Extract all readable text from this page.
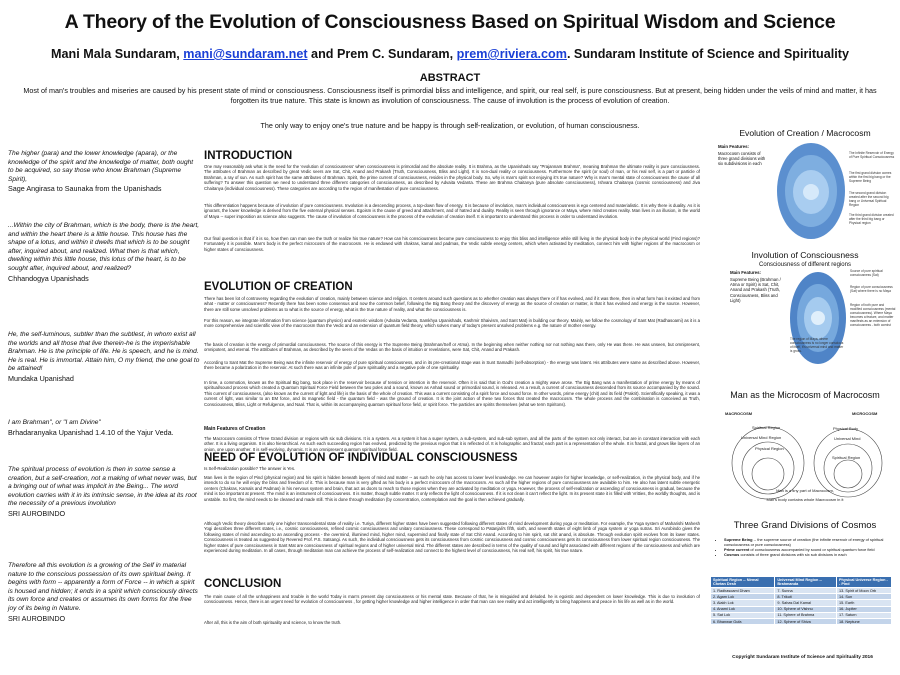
A Theory of the Evolution of Consciousness Based on Spiritual Wisdom and Science
Mani Mala Sundaram, mani@sundaram.net and Prem C. Sundaram, prem@riviera.com. Sundaram Institute of Science and Spirituality
ABSTRACT
Most of man's troubles and miseries are caused by his present state of mind or consciousness. Consciousness itself is primordial bliss and intelligence, and spirit, our real self, is pure consciousness. But at present, being hidden under the veils of mind and matter, it has forgotten its true nature. This state is known as involution of consciousness. The cause of involution is the process of evolution of creation.
The only way to enjoy one's true nature and be happy is through self-realization, or evolution, of human consciousness.
The higher (para) and the lower knowledge (apara), or the knowledge of the spirit and the knowledge of matter, both ought to be acquired, so say those who know Brahman (Supreme Spirit),
Sage Angirasa to Saunaka from the Upanishads
...Within the city of Brahman, which is the body, there is the heart, and within the heart there is a little house. This house has the shape of a lotus, and within it dwells that which is to be sought after, inquired about, and realized. What then is that which, dwelling within this little house, this lotus of the heart, is to be sought after, inquired about, and realized?
Chhandogya Upanishads
He, the self-luminous, subtler than the subtlest, in whom exist all the worlds and all those that live therein-he is the imperishable Brahman. He is the principle of life. He is speech, and he is mind. He is real. He is immortal. Attain him, O my friend, the one goal to be attained!
Mundaka Upanishad
I am Brahman", or "I am Divine"
Brhadaranyaka Upanishad 1.4.10 of the Yajur Veda.
The spiritual process of evolution is then in some sense a creation, but a self-creation, not a making of what never was, but a bringing out of what was implicit in the Being... The word evolution carries with it in its intrinsic sense, in the idea at its root the necessity of a previous involution
SRI AUROBINDO
Therefore all this evolution is a growing of the Self in material nature to the conscious possession of its own spiritual being. It begins with form -- apparently a form of Force -- in which a spirit is housed and hidden; it ends in a spirit which consciously directs its own force and creates or assumes its own forms for the free joy of its being in Nature.
SRI AUROBINDO
INTRODUCTION
One may reasonably ask what is the need for the 'evolution of consciousness' when consciousness is primordial and the absolute reality. It is Brahma, as the Upanishads say "Prajannam Brahma", meaning Brahman the ultimate reality is pure consciousness. The attributes of Brahman as described by great Vedic seers are Sat, Chit, Anand and Prakash (Truth, Consciousness, Bliss and Light). It is non-dual reality or consciousness. Furthermore the spirit (or soul) of man, or his real self, is a part or particle of Brahman, a ray of sun. As such spirit has the same attributes of Brahman. Spirit, the prime current of consciousness, resides in the physical body. So, why is man's spirit not enjoying it's true nature? Why is man's mental state of consciousness the cause of all suffering? To answer this question we need to understand three different categories of consciousness, as described by Advaita Vedanta. These are Brahma Chaitanya (pure absolute consciousness), Ishvara Chaitanya (cosmic consciousness) and Jiva Chaitanya (individual consciousness). These categories are according to the region of manifestation of pure consciousness.
This differentiation happens because of involution of pure consciousness. Involution is a descending process, a top-down flow of energy. It is because of involution, man's individual consciousness is ego centered and materialistic. It is why there is duality. As it is ignorant, the lower knowledge is derived from the five external physical senses. Egoism is the cause of greed and attachment, and of hatred and duality. Reality is seen through ignorance or Maya, where mind creates reality. Man lives in an illusion, in the world of Maya -- super imposition as science also suggests. The cause of involution of consciousness is the process of the evolution of creation itself. It is important to understand this process in order to understand involution.
Our final question is that if it is so, how then can man see the truth or realize his true nature? How can his consciousness become pure consciousness to enjoy this bliss and intelligence while still living in the physical body in the physical world (Find regions)? Fortunately it is possible. Man's body is the perfect microcosm of the macrocosm. He is endowed with chakras, kamal and padmas, the Vedic subtle energy centers, which when activated by meditation, connect him with higher regions of the macrocosm or higher states of consciousness.
EVOLUTION OF CREATION
There has been lot of controversy regarding the evolution of creation, mainly between science and religion. It centers around such questions as to whether creation was always there or if has evolved, and if it was there, then in what form has it existed and from what - matter or consciousness? Recently there has been some consensus and now the common belief, following the Big Bang theory and the discovery of energy as the source of creation or matter, is that it has evolved and energy is the source. However, there are still some unsolved problems as to what is the source of energy, what is the true nature of reality, and what the consciousness is.
For this reason, we integrate information from science (quantum physics) and esoteric wisdom (Advaita Vedanta, Samkhya Upanishads, Kashmir Shaivism, and Sant Mat) in building our theory. Mainly, we follow the cosmology of Sant Mat (Radhasoami) as it is a more comprehensive and scientific view of the macrocosm than the Vedic and an extension of quantum field theory, which solves many of today's present unsolved problems e.g. the nature of mother energy.
The basis of creation is the energy of primordial consciousness. The source of this energy is The Supreme Being (Brahman/Self or Atma). In the beginning when neither nothing nor not nothing was there, only He was there. He was unseen, but omnipresent, omnipotent, and eternal. The attributes of Brahman, as described by the seers of the Vedas on the basis of intuition or revelations, were Sat, Chit, Anand and Prakash.
According to Sant Mat the Supreme Being was the infinite reservoir of energy of pure spiritual consciousness, and in its pre-creational stage was in Sunt Samadhi (self-absorption) - the energy was latent. His attributes were same as described above. However, there became a polarization in the reservoir. At such there was an infinite pole of pure spirituality and a negative pole of one spirituality.
In time, a commotion, known as the Spiritual Big bang, took place in the reservoir because of tension or intention in the reservoir. Often it is said that in God's creation a mighty wave arose. The Big Bang was a manifestation of prime energy by means of spiritual/sound process which created a Quantum Spiritual Force Field between the two poles and a sound, known as Anhad sound or primordial sound, is released. As a result, a current of consciousness descended from its source accompanied by the sound. This current of consciousness, (also known as the current of light and life) is the basis of the whole of creation. This was a current consisting of a spirit force and sound force. In other words, prime energy (chit) and its field (Prakrit). Scientifically speaking, it was a current of light, was similar to an EM force, and its magnetic field - the quantum field - was the ground of creation. It is the joint action of these two forces that created the macrocosm. The whole process and the combination is conceived as Truth, Consciousness, Bliss, Light or Refulgence, and Naal. That is, within its accompanying quantum spiritual force field, or spirit force. The particles are spirits themselves (what we term Spiritons).
Main Features of Creation
The Macrocosm consists of Three Grand division or regions with six sub divisions. It is a system. As a system it has a super system, a sub-system, and sub-sub system, and all the parts of the system not only interact, but are in constant interaction with each other. It is a living organism. It is also hierarchical. As such each succeeding region has evolved, predicted by the previous region that it is reflected of. It is holographic and fractal; each part is a representation of the whole. It is fractal, and grows like layers of an onion, one upon another. It is self-evolving, dynamic. It is an omnipresent quantum spiritual force field.
NEED OF EVOLUTION OF INDIVIDUAL CONSCIOUSNESS
Is Self-Realization possible? The answer is Yes.
Man lives in the region of Pind (physical region) and his spirit is hidden beneath layers of mind and matter -- as such he only has access to lower level knowledge. He can however aspire for higher knowledge, or self-realization, in the physical body, and if he intends to do so he will enjoy the bliss and freedom of it. This is because man is very gifted as his body is a perfect microcosm of the macrocosm. As such all the higher regions of pure consciousness are available to him. He also has latent subtle energetic centers (Chakras, Kamals and Padmas) in his nervous system and brain, that act as doors to reach to those regions when they are activated by meditation or yoga. However, the process of self-realization or ascending of consciousness is gradual, because the mind is too important at present. The mind is an instrument of consciousness. It is matter, though subtle matter. It only reflects the light of consciousness. If it is not clean it can't reflect the light. In its present state it is filled with Vritties, the worldly thoughts, and is unstable. So first, the mind needs to be cleaned and made still. This is done through meditation (by concentration, contemplation and the goal is then achieved gradually.
Although Vedic theory describes only one higher transcendental state of reality i.e. Turiya, different higher states have been suggested following different states of mind development during yoga or meditation. For example, the Yoga system of Maharishi Mahesh Yogi describes three different states, i.e., cosmic consciousness, refined cosmic consciousness and unitary consciousness. These correspond to Patanjali's fifth, sixth, and seventh states of eight limb of yoga system or yoga sutras. Sri Aurobindo gives the following states of mind ascending to an ascending process - the overmind, illumined mind, higher mind, supermind and finally state of Sat Chit Anand. According to him spirit, sat chit anand, is absolute. Through evolution spirit evolves from its lower states. Consciousness is treated as suggested by Revered Prof. P.S. Satsangi. As such, the individual consciousness gets its consciousness from cosmic consciousness and cosmic consciousness gets its consciousness from lower spiritual region consciousness. The higher states of pure consciousness in Sant Mat are consciousness of spiritual regions and of higher universal mind. The different states are described in terms of the quality of sound and light associated with different regions of the consciousness and which are experienced during meditation. In all cases, through meditation man can achieve the process of self-realization and connect to the highest level of consciousness, his real self, his spirit, his true nature.
CONCLUSION
The main cause of all the unhappiness and trouble in the world Today is man's present day consciousness or his mental state. Because of that, he is misguided and deluded. he is egoistic and dependent on lower knowledge. This is due to involution of consciousness. Hence, there is an urgent need for evolution of consciousness , for getting higher knowledge and higher intelligence in order that man can see reality and act intelligently to bring happiness and peace in his life as well as in the world.
After all, this is the aim of both spirituality and science, to know the truth.
Evolution of Creation / Macrocosm
Main Features:
Macrocosm consists of three grand divisions with six subdivisions in each
The Infinite Reservoir of Energy of Pure Spiritual Consciousness
The first grand division comes within the first big bang or the Supreme Being
The second grand division created after the second big bang or Universal Spiritual Region
The third grand division created after the third big bang or Physical region
Involution of Consciousness
Consciousness of different regions
Main Features:
Supreme Being (Brahman / Atma or Spirit) is Sat, Chit, Anand and Prakash (Truth, Consciousness, Bliss and Light)
Source of pure spiritual consciousness (Sat)
Region of pure consciousness (Sat) where there is no Maya
Region of both pure and modified consciousness (mental consciousness). Where Maya becomes a feature, and matter manifests as an extension of consciousness - both coexist
The region of Maya, where consciousness is no longer conscious of itself, it's universal mind and matter is gross.
Man as the Microcosm of Macrocosm
MACROCOSM	MICROCOSM
Spiritual Region
Universal Mind Region
Physical Region
Physical Body
Universal Mind
Spiritual Region
Man is a tiny part of Macrocosm,
Man's body contains whole Macrocosm in it
Three Grand Divisions of Cosmos
• Supreme Being -- the supreme source of creation (the infinite reservoir of energy of spiritual consciousness or pure consciousness)
• Prime current of consciousness accompanied by sound or spiritual quantum force field
• Cosmos consists of three grand divisions with six sub divisions in each
Spiritual Region -- Nirmal Chetan Desh	Universal Mind Region -- Brahmanda	Physical Universe Region -- Pind
1. Radhasoami Dham	7. Sunna	13. Spirit of Moon Orb
2. Agam Lok	8. Trikuti	14. Sun
3. Alakh Lok	9. Sahas Dal Kamal	15. Earth
4. Anami Lok	10. Sphere of Vishnu	16. Jupiter
5. Sat Lok	11. Sphere of Brahma	17. Saturn
6. Bhanwar Gufa	12. Sphere of Shiva	18. Neptune
Copyright Sundaram Institute of Science and Spirituality 2016
